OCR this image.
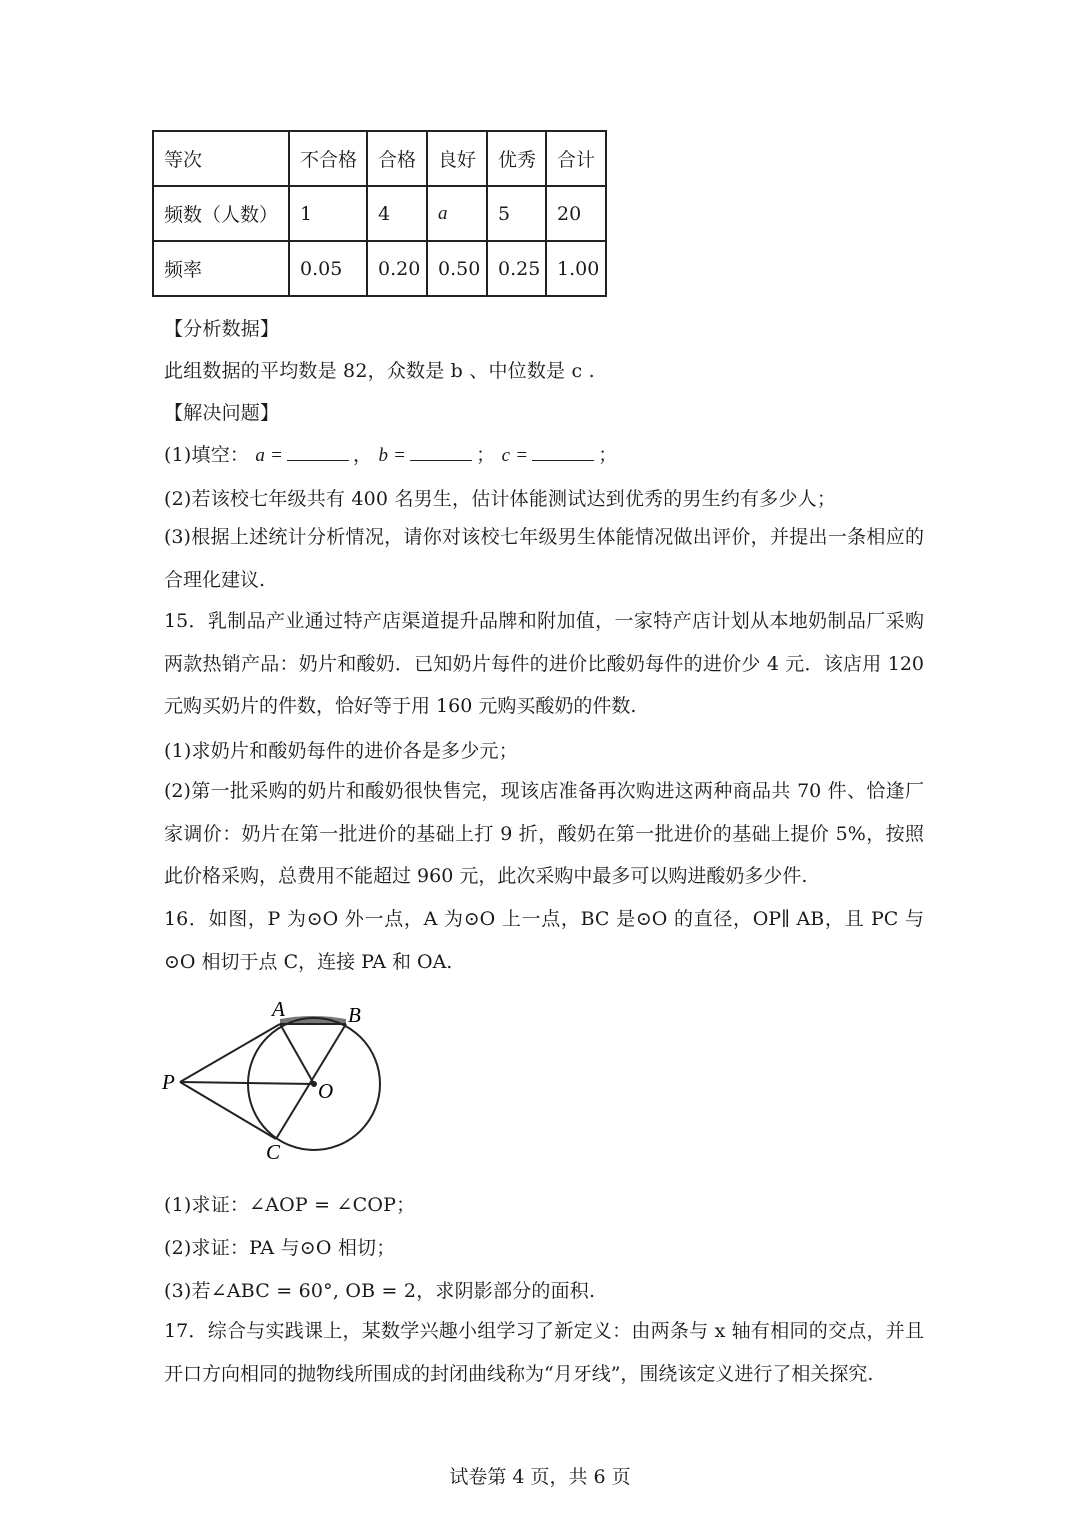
等次	不合格	合格	良好	优秀	合计
频数（人数）	1	4	a	5	20
频率	0.05	0.20	0.50	0.25	1.00
【分析数据】
此组数据的平均数是 82，众数是 b 、中位数是 c .
【解决问题】
(1)填空： a =	， b =	； c =	；
(2)若该校七年级共有 400 名男生，估计体能测试达到优秀的男生约有多少人；
(3)根据上述统计分析情况，请你对该校七年级男生体能情况做出评价，并提出一条相应的合理化建议.
15．乳制品产业通过特产店渠道提升品牌和附加值，一家特产店计划从本地奶制品厂采购两款热销产品：奶片和酸奶．已知奶片每件的进价比酸奶每件的进价少 4 元．该店用 120 元购买奶片的件数，恰好等于用 160 元购买酸奶的件数.
(1)求奶片和酸奶每件的进价各是多少元；
(2)第一批采购的奶片和酸奶很快售完，现该店准备再次购进这两种商品共 70 件、恰逢厂家调价：奶片在第一批进价的基础上打 9 折，酸奶在第一批进价的基础上提价 5%，按照此价格采购，总费用不能超过 960 元，此次采购中最多可以购进酸奶多少件.
16．如图，P 为⊙O 外一点，A 为⊙O 上一点，BC 是⊙O 的直径，OP∥ AB，且 PC 与⊙O 相切于点 C，连接 PA 和 OA.
A	B
P	O
C
(1)求证：∠AOP = ∠COP；
(2)求证：PA 与⊙O 相切；
(3)若∠ABC = 60°, OB = 2，求阴影部分的面积.
17．综合与实践课上，某数学兴趣小组学习了新定义：由两条与 x 轴有相同的交点，并且开口方向相同的抛物线所围成的封闭曲线称为“月牙线”，围绕该定义进行了相关探究.
试卷第 4 页，共 6 页
